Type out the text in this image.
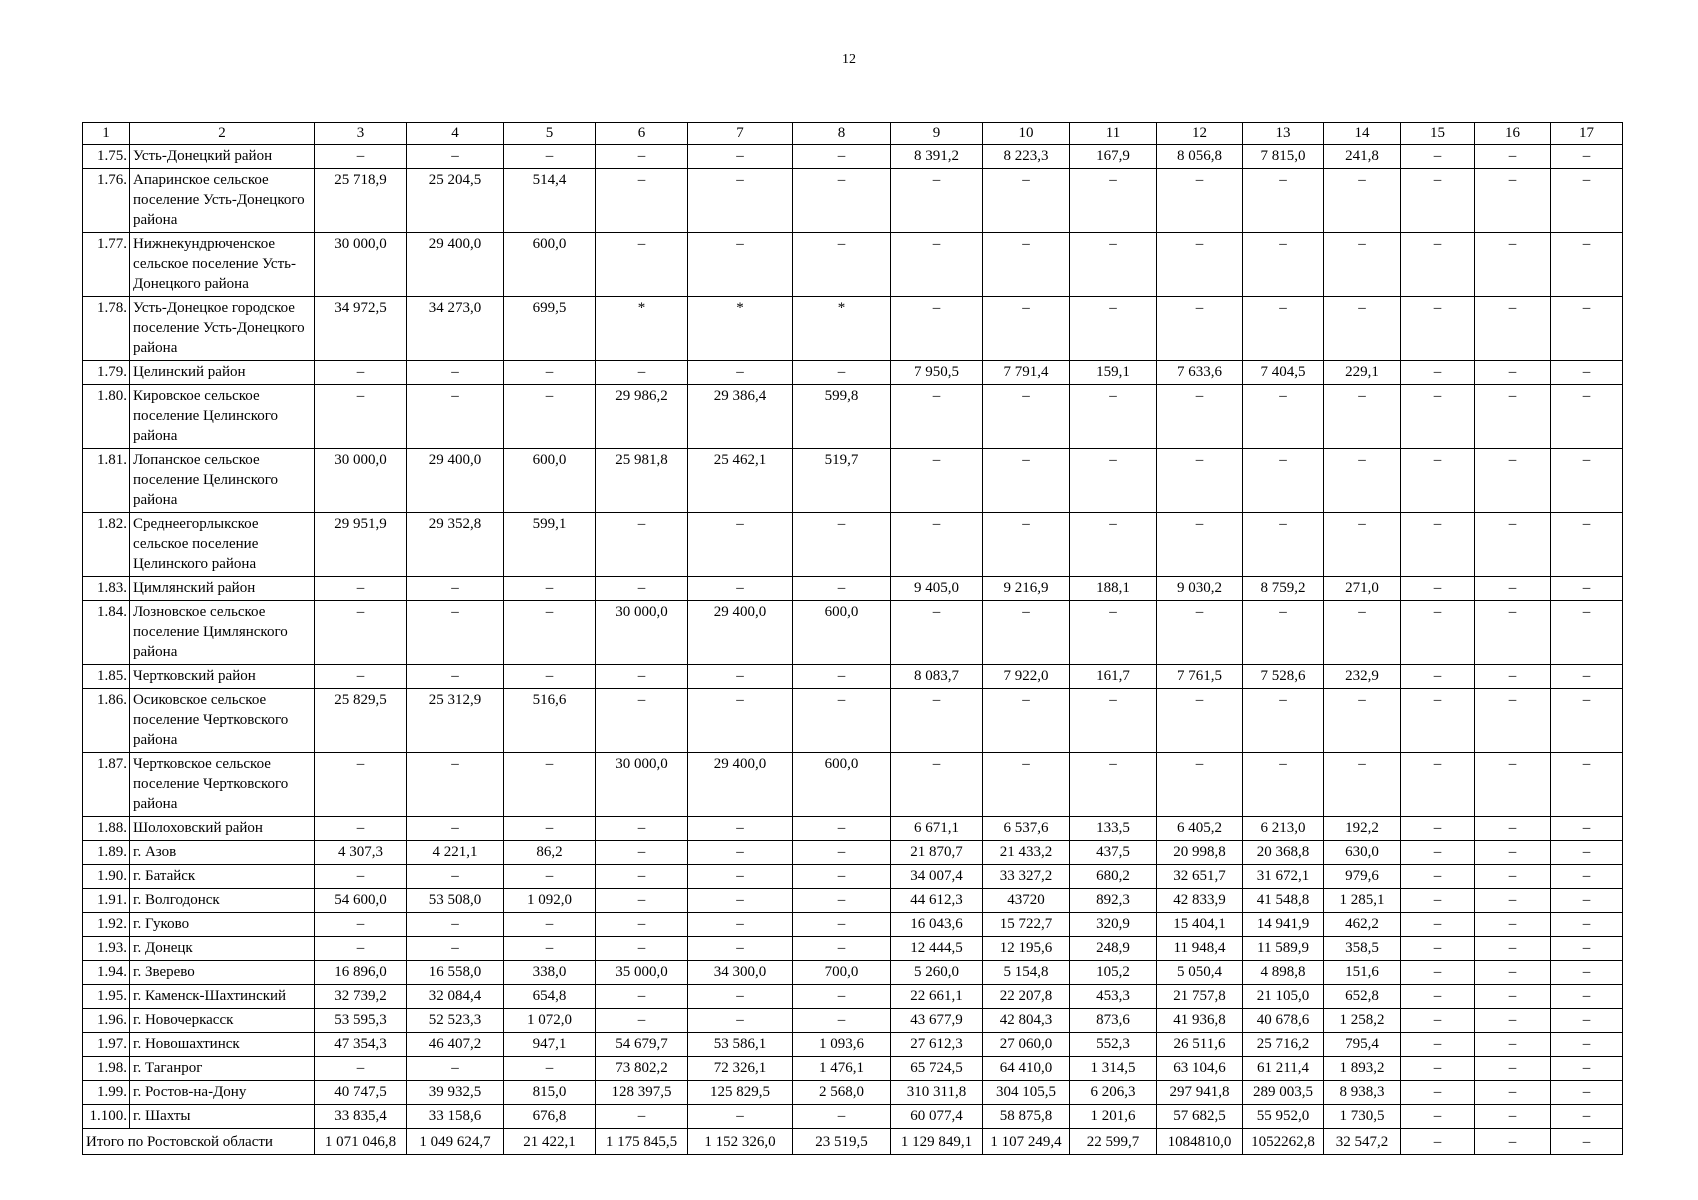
12
1	2	3	4	5	6	7	8	9	10	11	12	13	14	15	16	17
1.75.	Усть-Донецкий район	–	–	–	–	–	–	8 391,2	8 223,3	167,9	8 056,8	7 815,0	241,8	–	–	–
1.76.	Апаринское сельское поселение Усть-Донецкого района	25 718,9	25 204,5	514,4	–	–	–	–	–	–	–	–	–	–	–	–
1.77.	Нижнекундрюченское сельское поселение Усть-Донецкого района	30 000,0	29 400,0	600,0	–	–	–	–	–	–	–	–	–	–	–	–
1.78.	Усть-Донецкое городское поселение Усть-Донецкого района	34 972,5	34 273,0	699,5	*	*	*	–	–	–	–	–	–	–	–	–
1.79.	Целинский район	–	–	–	–	–	–	7 950,5	7 791,4	159,1	7 633,6	7 404,5	229,1	–	–	–
1.80.	Кировское сельское поселение Целинского района	–	–	–	29 986,2	29 386,4	599,8	–	–	–	–	–	–	–	–	–
1.81.	Лопанское сельское поселение Целинского района	30 000,0	29 400,0	600,0	25 981,8	25 462,1	519,7	–	–	–	–	–	–	–	–	–
1.82.	Среднеегорлыкское сельское поселение Целинского района	29 951,9	29 352,8	599,1	–	–	–	–	–	–	–	–	–	–	–	–
1.83.	Цимлянский район	–	–	–	–	–	–	9 405,0	9 216,9	188,1	9 030,2	8 759,2	271,0	–	–	–
1.84.	Лозновское сельское поселение Цимлянского района	–	–	–	30 000,0	29 400,0	600,0	–	–	–	–	–	–	–	–	–
1.85.	Чертковский район	–	–	–	–	–	–	8 083,7	7 922,0	161,7	7 761,5	7 528,6	232,9	–	–	–
1.86.	Осиковское сельское поселение Чертковского района	25 829,5	25 312,9	516,6	–	–	–	–	–	–	–	–	–	–	–	–
1.87.	Чертковское сельское поселение Чертковского района	–	–	–	30 000,0	29 400,0	600,0	–	–	–	–	–	–	–	–	–
1.88.	Шолоховский район	–	–	–	–	–	–	6 671,1	6 537,6	133,5	6 405,2	6 213,0	192,2	–	–	–
1.89.	г. Азов	4 307,3	4 221,1	86,2	–	–	–	21 870,7	21 433,2	437,5	20 998,8	20 368,8	630,0	–	–	–
1.90.	г. Батайск	–	–	–	–	–	–	34 007,4	33 327,2	680,2	32 651,7	31 672,1	979,6	–	–	–
1.91.	г. Волгодонск	54 600,0	53 508,0	1 092,0	–	–	–	44 612,3	43720	892,3	42 833,9	41 548,8	1 285,1	–	–	–
1.92.	г. Гуково	–	–	–	–	–	–	16 043,6	15 722,7	320,9	15 404,1	14 941,9	462,2	–	–	–
1.93.	г. Донецк	–	–	–	–	–	–	12 444,5	12 195,6	248,9	11 948,4	11 589,9	358,5	–	–	–
1.94.	г. Зверево	16 896,0	16 558,0	338,0	35 000,0	34 300,0	700,0	5 260,0	5 154,8	105,2	5 050,4	4 898,8	151,6	–	–	–
1.95.	г. Каменск-Шахтинский	32 739,2	32 084,4	654,8	–	–	–	22 661,1	22 207,8	453,3	21 757,8	21 105,0	652,8	–	–	–
1.96.	г. Новочеркасск	53 595,3	52 523,3	1 072,0	–	–	–	43 677,9	42 804,3	873,6	41 936,8	40 678,6	1 258,2	–	–	–
1.97.	г. Новошахтинск	47 354,3	46 407,2	947,1	54 679,7	53 586,1	1 093,6	27 612,3	27 060,0	552,3	26 511,6	25 716,2	795,4	–	–	–
1.98.	г. Таганрог	–	–	–	73 802,2	72 326,1	1 476,1	65 724,5	64 410,0	1 314,5	63 104,6	61 211,4	1 893,2	–	–	–
1.99.	г. Ростов-на-Дону	40 747,5	39 932,5	815,0	128 397,5	125 829,5	2 568,0	310 311,8	304 105,5	6 206,3	297 941,8	289 003,5	8 938,3	–	–	–
1.100.	г. Шахты	33 835,4	33 158,6	676,8	–	–	–	60 077,4	58 875,8	1 201,6	57 682,5	55 952,0	1 730,5	–	–	–
Итого по Ростовской области		1 071 046,8	1 049 624,7	21 422,1	1 175 845,5	1 152 326,0	23 519,5	1 129 849,1	1 107 249,4	22 599,7	1084810,0	1052262,8	32 547,2	–	–	–
